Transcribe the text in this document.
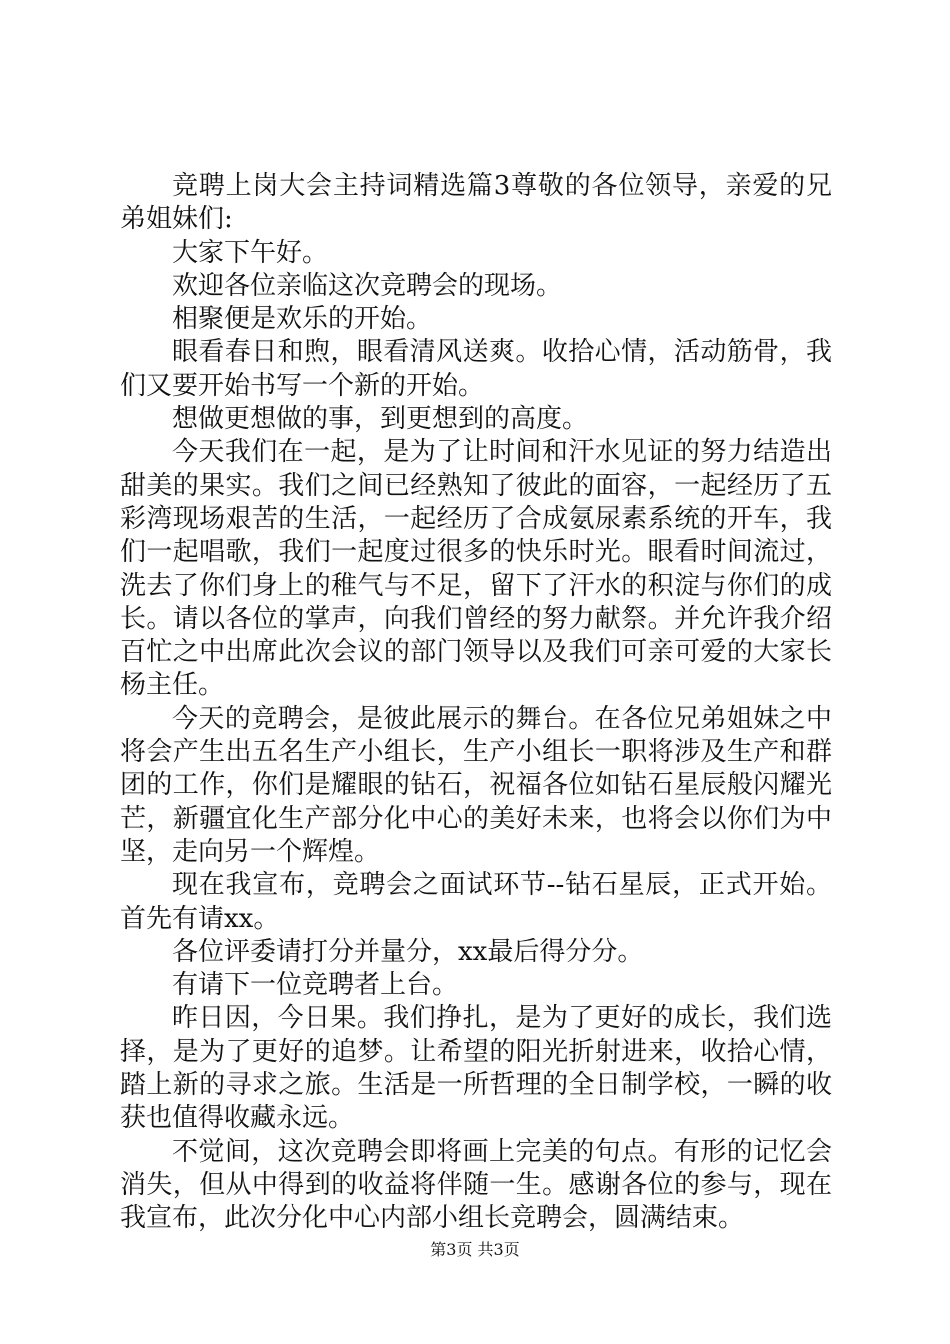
竞聘上岗大会主持词精选篇3尊敬的各位领导，亲爱的兄弟姐妹们:

大家下午好。

欢迎各位亲临这次竞聘会的现场。

相聚便是欢乐的开始。

眼看春日和煦，眼看清风送爽。收拾心情，活动筋骨，我们又要开始书写一个新的开始。

想做更想做的事，到更想到的高度。

今天我们在一起，是为了让时间和汗水见证的努力结造出甜美的果实。我们之间已经熟知了彼此的面容，一起经历了五彩湾现场艰苦的生活，一起经历了合成氨尿素系统的开车，我们一起唱歌，我们一起度过很多的快乐时光。眼看时间流过，洗去了你们身上的稚气与不足，留下了汗水的积淀与你们的成长。请以各位的掌声，向我们曾经的努力献祭。并允许我介绍百忙之中出席此次会议的部门领导以及我们可亲可爱的大家长杨主任。

今天的竞聘会，是彼此展示的舞台。在各位兄弟姐妹之中将会产生出五名生产小组长，生产小组长一职将涉及生产和群团的工作，你们是耀眼的钻石，祝福各位如钻石星辰般闪耀光芒，新疆宜化生产部分化中心的美好未来，也将会以你们为中坚，走向另一个辉煌。

现在我宣布，竞聘会之面试环节--钻石星辰，正式开始。首先有请xx。

各位评委请打分并量分，xx最后得分分。

有请下一位竞聘者上台。

昨日因，今日果。我们挣扎，是为了更好的成长，我们选择，是为了更好的追梦。让希望的阳光折射进来，收拾心情，踏上新的寻求之旅。生活是一所哲理的全日制学校，一瞬的收获也值得收藏永远。

不觉间，这次竞聘会即将画上完美的句点。有形的记忆会消失，但从中得到的收益将伴随一生。感谢各位的参与，现在我宣布，此次分化中心内部小组长竞聘会，圆满结束。

第3页 共3页
